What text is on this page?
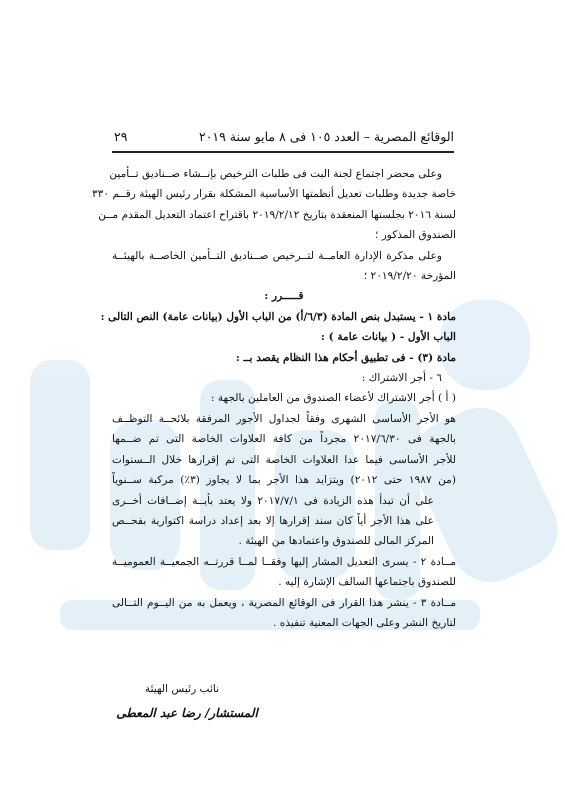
الوقائع المصرية – العدد ١٠٥ فى ٨ مايو سنة ٢٠١٩
٢٩
وعلى محضر اجتماع لجنة البت فى طلبات الترخيص بإنــشاء صــناديق تــأمين
خاصة جديدة وطلبات تعديل أنظمتها الأساسية المشكلة بقرار رئيس الهيئة رقــم ٣٣٠
لسنة ٢٠١٦ بجلستها المنعقدة بتاريخ ٢٠١٩/٢/١٢ باقتراح اعتماد التعديل المقدم مــن
الصندوق المذكور ؛
وعلى مذكرة الإدارة العامــة لتــرخيص صــناديق التــأمين الخاصــة بالهيئــة
المؤرخة ٢٠١٩/٢/٢٠ ؛
قـــــرر :
مادة ١ - يستبدل بنص المادة (٦/٣/أ) من الباب الأول (بيانات عامة) النص التالى :
الباب الأول - ( بيانات عامة ) :
مادة (٣) - فى تطبيق أحكام هذا النظام يقصد بــ :
٦ - أجر الاشتراك :
( أ ) أجر الاشتراك لأعضاء الصندوق من العاملين بالجهة :
هو الأجر الأساسى الشهرى وفقاً لجداول الأجور المرفقة بلائحــة التوظــف
بالجهة فى ٢٠١٧/٦/٣٠ مجرداً من كافة العلاوات الخاصة التى تم ضــمها
للأجر الأساسى فيما عدا العلاوات الخاصة التى تم إقرارها خلال الــسنوات
(من ١٩٨٧ حتى ٢٠١٢) ويتزايد هذا الأجر بما لا يجاوز (٣٪) مركبة ســنوياً
على أن تبدأ هذه الزيادة فى ٢٠١٧/٧/١ ولا يعتد بأيــة إضــافات أخــرى
على هذا الأجر أياً كان سند إقرارها إلا بعد إعداد دراسة اكتوارية بفحــص
المركز المالى للصندوق واعتمادها من الهيئة .
مــادة ٢ - يسرى التعديل المشار إليها وفقــا لمــا قررتــه الجمعيــة العموميــة
للصندوق باجتماعها السالف الإشارة إليه .
مــادة ٣ - ينشر هذا القرار فى الوقائع المصرية ، ويعمل به من اليــوم التــالى
لتاريخ النشر وعلى الجهات المعنية تنفيذه .
نائب رئيس الهيئة
المستشار/ رضا عبد المعطى
